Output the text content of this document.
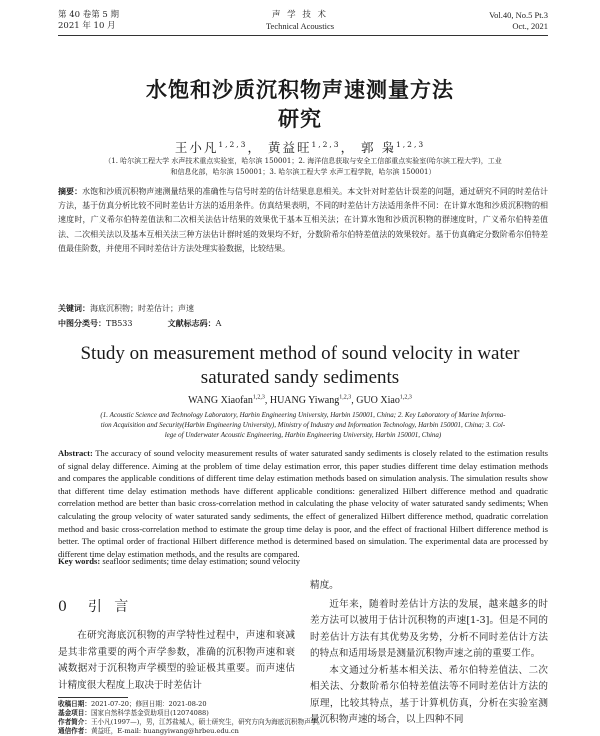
第 40 卷第 5 期
2021 年 10 月
声 学 技 术
Technical Acoustics
Vol.40, No.5 Pt.3
Oct., 2021
水饱和沙质沉积物声速测量方法
研究
王小凡$^{1,2,3}$， 黄益旺$^{1,2,3}$， 郭 枭$^{1,2,3}$
（1. 哈尔滨工程大学 水声技术重点实验室，哈尔滨 150001；2. 海洋信息获取与安全工信部重点实验室(哈尔滨工程大学)，工业
和信息化部，哈尔滨 150001；3. 哈尔滨工程大学 水声工程学院，哈尔滨 150001）
摘要：水饱和沙质沉积物声速测量结果的准确性与信号时差的估计结果息息相关。本文针对时差估计误差的问题，通过研究不同的时差估计方法，基于仿真分析比较不同时差估计方法的适用条件。仿真结果表明，不同的时差估计方法适用条件不同：在计算水饱和沙质沉积物的相速度时，广义希尔伯特差值法和二次相关法估计结果的效果优于基本互相关法；在计算水饱和沙质沉积物的群速度时，广义希尔伯特差值法、二次相关法以及基本互相关法三种方法估计群时延的效果均不好，分数阶希尔伯特差值法的效果较好。基于仿真确定分数阶希尔伯特差值最佳阶数，并使用不同时差估计方法处理实验数据，比较结果。
关键词：海底沉积物；时差估计；声速
中图分类号：TB533	文献标志码：A
Study on measurement method of sound velocity in water
saturated sandy sediments
WANG Xiaofan$^{1,2,3}$, HUANG Yiwang$^{1,2,3}$, GUO Xiao$^{1,2,3}$
(1. Acoustic Science and Technology Laboratory, Harbin Engineering University, Harbin 150001, China; 2. Key Laboratory of Marine Informa-
tion Acquisition and Security(Harbin Engineering University), Ministry of Industry and Information Technology, Harbin 150001, China; 3. Col-
lege of Underwater Acoustic Engineering, Harbin Engineering University, Harbin 150001, China)
Abstract: The accuracy of sound velocity measurement results of water saturated sandy sediments is closely related to the estimation results of signal delay difference. Aiming at the problem of time delay estimation error, this paper studies different time delay estimation methods and compares the applicable conditions of different time delay estimation methods based on simulation analysis. The simulation results show that different time delay estimation methods have different applicable conditions: generalized Hilbert difference method and quadratic correlation method are better than basic cross-correlation method in calculating the phase velocity of water saturated sandy sediments; When calculating the group velocity of water saturated sandy sediments, the effect of generalized Hilbert difference method, quadratic correlation method and basic cross-correlation method to estimate the group time delay is poor, and the effect of fractional Hilbert difference method is better. The optimal order of fractional Hilbert difference method is determined based on simulation. The experimental data are processed by different time delay estimation methods, and the results are compared.
Key words: seafloor sediments; time delay estimation; sound velocity
0 引 言
在研究海底沉积物的声学特性过程中，声速和衰减是其非常重要的两个声学参数，准确的沉积物声速和衰减数据对于沉积物声学模型的验证极其重要。而声速估计精度很大程度上取决于时差估计
收稿日期：2021-07-20；修回日期：2021-08-20
基金项目：国家自然科学基金资助项目(12074088)
作者简介：王小凡(1997—)，男，江苏盐城人，硕士研究生，研究方向为海底沉积物声学。
通信作者：黄益旺，E-mail: huangyiwang@hrbeu.edu.cn
精度。
近年来，随着时差估计方法的发展，越来越多的时差方法可以被用于估计沉积物的声速[1-3]。但是不同的时差估计方法有其优势及劣势，分析不同时差估计方法的特点和适用场景是测量沉积物声速之前的重要工作。
本文通过分析基本相关法、希尔伯特差值法、二次相关法、分数阶希尔伯特差值法等不同时差估计方法的原理，比较其特点，基于计算机仿真，分析在实验室测量沉积物声速的场合，以上四种不同
